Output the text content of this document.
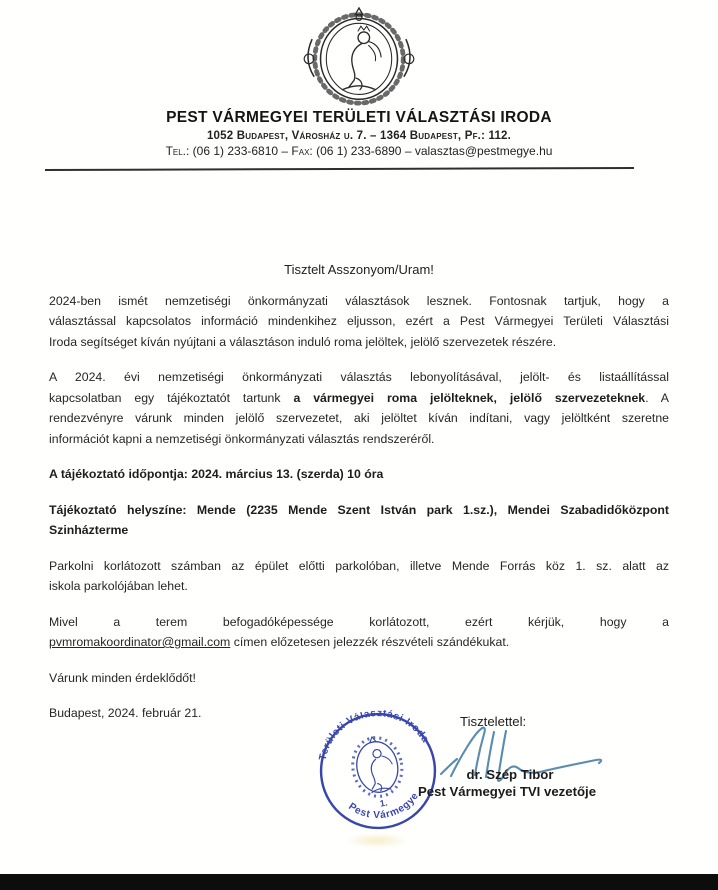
PEST VÁRMEGYEI TERÜLETI VÁLASZTÁSI IRODA
1052 Budapest, Városház u. 7. – 1364 Budapest, Pf.: 112.
Tel.: (06 1) 233-6810 – Fax: (06 1) 233-6890 – valasztas@pestmegye.hu
Tisztelt Asszonyom/Uram!
2024-ben ismét nemzetiségi önkormányzati választások lesznek. Fontosnak tartjuk, hogy a
választással kapcsolatos információ mindenkihez eljusson, ezért a Pest Vármegyei Területi Választási
Iroda segítséget kíván nyújtani a választáson induló roma jelöltek, jelölő szervezetek részére.
A 2024. évi nemzetiségi önkormányzati választás lebonyolításával, jelölt- és listaállítással
kapcsolatban egy tájékoztatót tartunk a vármegyei roma jelölteknek, jelölő szervezeteknek. A
rendezvényre várunk minden jelölő szervezetet, aki jelöltet kíván indítani, vagy jelöltként szeretne
információt kapni a nemzetiségi önkormányzati választás rendszeréről.
A tájékoztató időpontja: 2024. március 13. (szerda) 10 óra
Tájékoztató helyszíne: Mende (2235 Mende Szent István park 1.sz.), Mendei Szabadidőközpont
Szinházterme
Parkolni korlátozott számban az épület előtti parkolóban, illetve Mende Forrás köz 1. sz. alatt az
iskola parkolójában lehet.
Mivel a terem befogadóképessége korlátozott, ezért kérjük, hogy a
pvmromakoordinator@gmail.com címen előzetesen jelezzék részvételi szándékukat.
Várunk minden érdeklődőt!
Budapest, 2024. február 21.
Területi Választási Iroda
Pest Vármegye
1.
Tisztelettel:
dr. Szép Tibor
Pest Vármegyei TVI vezetője
